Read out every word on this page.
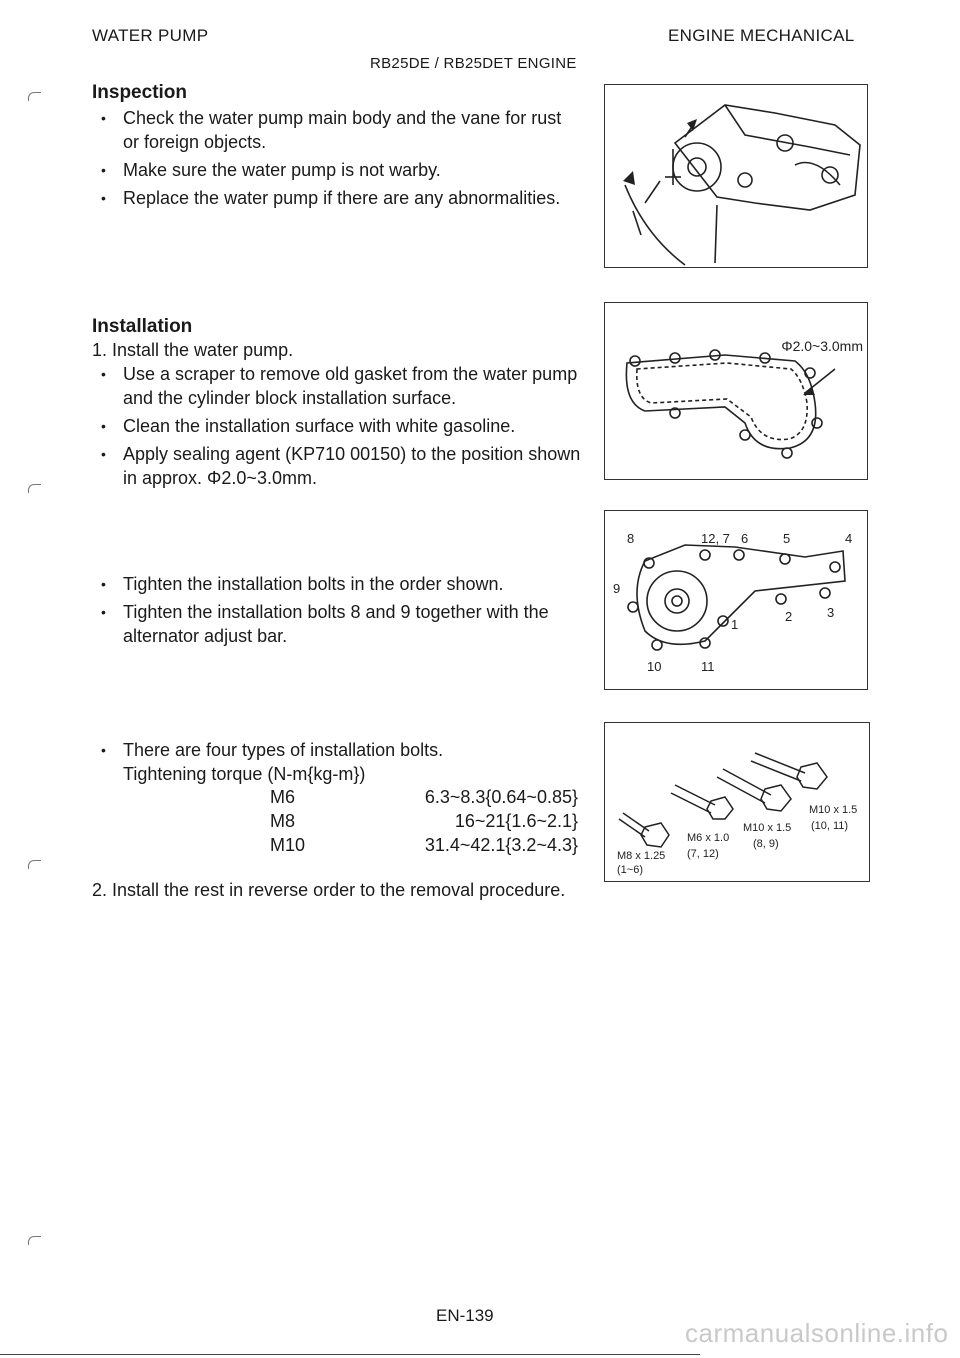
WATER PUMP	ENGINE MECHANICAL
RB25DE / RB25DET ENGINE
Inspection
• Check the water pump main body and the vane for rust or foreign objects.
• Make sure the water pump is not warby.
• Replace the water pump if there are any abnormalities.
Installation
1. Install the water pump.
• Use a scraper to remove old gasket from the water pump and the cylinder block installation surface.
• Clean the installation surface with white gasoline.
• Apply sealing agent (KP710 00150) to the position shown in approx. Φ2.0~3.0mm.
Φ2.0~3.0mm
• Tighten the installation bolts in the order shown.
• Tighten the installation bolts 8 and 9 together with the alternator adjust bar.
8	12, 7 6	5	4
9
3
2
1
10	11
• There are four types of installation bolts.
Tightening torque (N-m{kg-m})
M6	6.3~8.3{0.64~0.85}
M8	16~21{1.6~2.1}
M10	31.4~42.1{3.2~4.3}
M8 x 1.25
(1~6)
M6 x 1.0
(7, 12)
M10 x 1.5
(8, 9)
M10 x 1.5
(10, 11)
2. Install the rest in reverse order to the removal procedure.
EN-139
carmanualsonline.info
